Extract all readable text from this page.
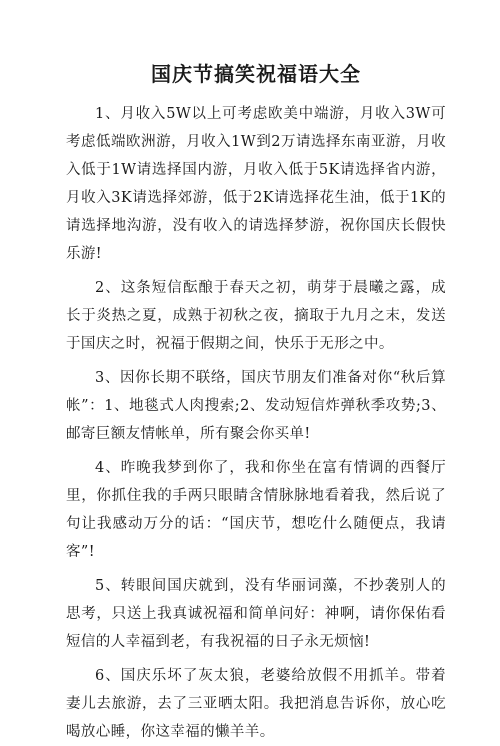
国庆节搞笑祝福语大全

1、月收入5W以上可考虑欧美中端游，月收入3W可考虑低端欧洲游，月收入1W到2万请选择东南亚游，月收入低于1W请选择国内游，月收入低于5K请选择省内游，月收入3K请选择郊游，低于2K请选择花生油，低于1K的请选择地沟游，没有收入的请选择梦游，祝你国庆长假快乐游!

2、这条短信酝酿于春天之初，萌芽于晨曦之露，成长于炎热之夏，成熟于初秋之夜，摘取于九月之末，发送于国庆之时，祝福于假期之间，快乐于无形之中。

3、因你长期不联络，国庆节朋友们准备对你“秋后算帐”：1、地毯式人肉搜索;2、发动短信炸弹秋季攻势;3、邮寄巨额友情帐单，所有聚会你买单!

4、昨晚我梦到你了，我和你坐在富有情调的西餐厅里，你抓住我的手两只眼睛含情脉脉地看着我，然后说了句让我感动万分的话：“国庆节，想吃什么随便点，我请客”!

5、转眼间国庆就到，没有华丽词藻，不抄袭别人的思考，只送上我真诚祝福和简单问好：神啊，请你保佑看短信的人幸福到老，有我祝福的日子永无烦恼!

6、国庆乐坏了灰太狼，老婆给放假不用抓羊。带着妻儿去旅游，去了三亚晒太阳。我把消息告诉你，放心吃喝放心睡，你这幸福的懒羊羊。
